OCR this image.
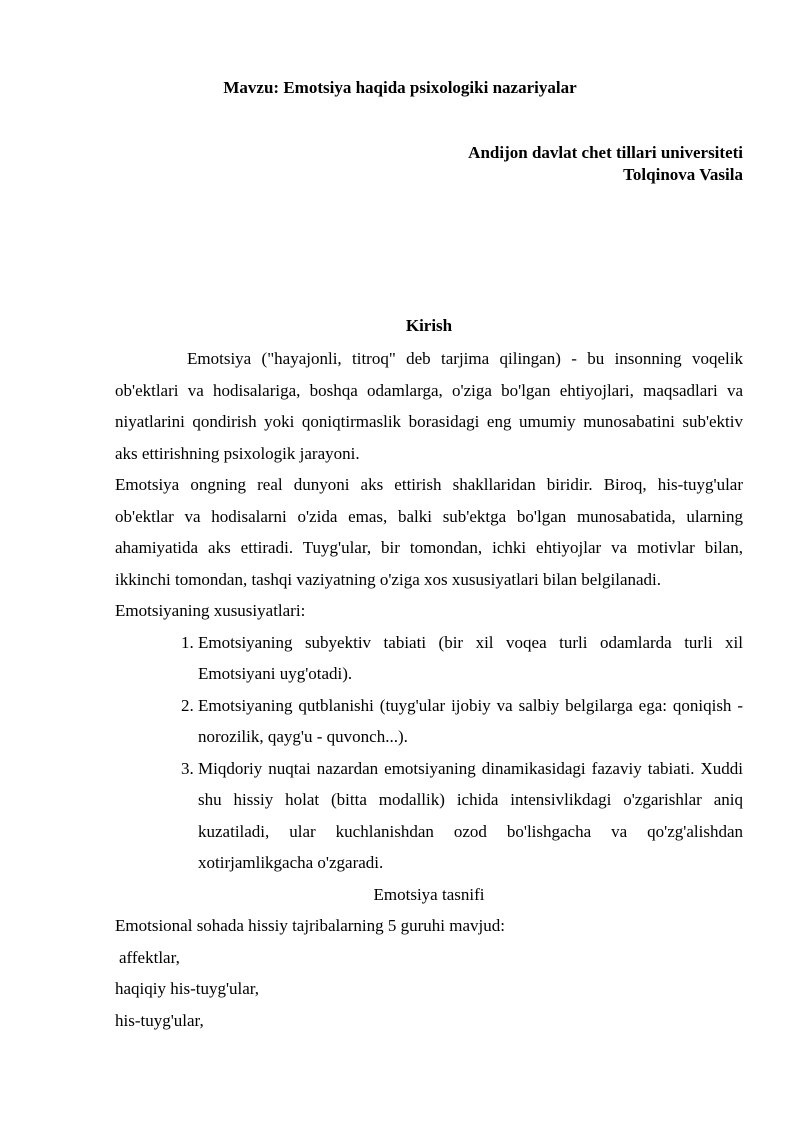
Mavzu: Emotsiya haqida psixologiki nazariyalar
Andijon davlat chet tillari universiteti
Tolqinova Vasila
Kirish

Emotsiya ("hayajonli, titroq" deb tarjima qilingan) - bu insonning voqelik ob'ektlari va hodisalariga, boshqa odamlarga, o'ziga bo'lgan ehtiyojlari, maqsadlari va niyatlarini qondirish yoki qoniqtirmaslik borasidagi eng umumiy munosabatini sub'ektiv aks ettirishning psixologik jarayoni.

Emotsiya ongning real dunyoni aks ettirish shakllaridan biridir. Biroq, his-tuyg'ular ob'ektlar va hodisalarni o'zida emas, balki sub'ektga bo'lgan munosabatida, ularning ahamiyatida aks ettiradi. Tuyg'ular, bir tomondan, ichki ehtiyojlar va motivlar bilan, ikkinchi tomondan, tashqi vaziyatning o'ziga xos xususiyatlari bilan belgilanadi.

Emotsiyaning xususiyatlari:

1. Emotsiyaning subyektiv tabiati (bir xil voqea turli odamlarda turli xil Emotsiyani uyg'otadi).
2. Emotsiyaning qutblanishi (tuyg'ular ijobiy va salbiy belgilarga ega: qoniqish - norozilik, qayg'u - quvonch...).
3. Miqdoriy nuqtai nazardan emotsiyaning dinamikasidagi fazaviy tabiati. Xuddi shu hissiy holat (bitta modallik) ichida intensivlikdagi o'zgarishlar aniq kuzatiladi, ular kuchlanishdan ozod bo'lishgacha va qo'zg'alishdan xotirjamlikgacha o'zgaradi.

Emotsiya tasnifi

Emotsional sohada hissiy tajribalarning 5 guruhi mavjud:

affektlar,

haqiqiy his-tuyg'ular,

his-tuyg'ular,
